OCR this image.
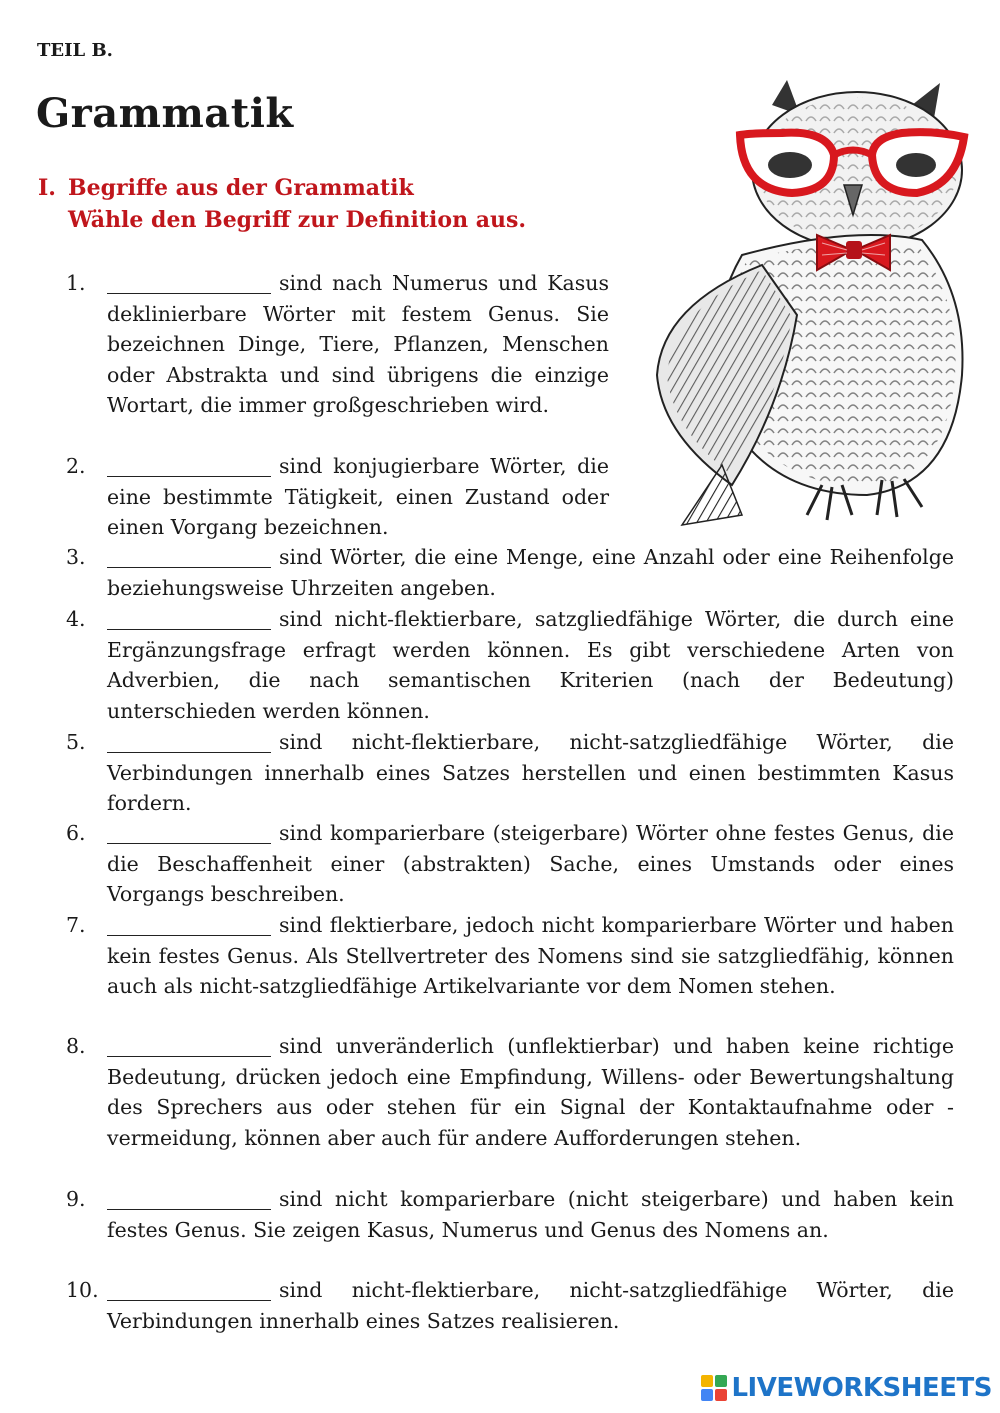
TEIL B.
Grammatik
I. Begriffe aus der Grammatik
Wähle den Begriff zur Definition aus.
1.	sind nach Numerus und Kasus deklinierbare Wörter mit festem Genus. Sie bezeichnen Dinge, Tiere, Pflanzen, Menschen oder Abstrakta und sind übrigens die einzige Wortart, die immer großgeschrieben wird.
2.	sind konjugierbare Wörter, die eine bestimmte Tätigkeit, einen Zustand oder einen Vorgang bezeichnen.
3.	sind Wörter, die eine Menge, eine Anzahl oder eine Reihenfolge beziehungsweise Uhrzeiten angeben.
4.	sind nicht-flektierbare, satzgliedfähige Wörter, die durch eine Ergänzungsfrage erfragt werden können. Es gibt verschiedene Arten von Adverbien, die nach semantischen Kriterien (nach der Bedeutung) unterschieden werden können.
5.	sind nicht-flektierbare, nicht-satzgliedfähige Wörter, die Verbindungen innerhalb eines Satzes herstellen und einen bestimmten Kasus fordern.
6.	sind komparierbare (steigerbare) Wörter ohne festes Genus, die die Beschaffenheit einer (abstrakten) Sache, eines Umstands oder eines Vorgangs beschreiben.
7.	sind flektierbare, jedoch nicht komparierbare Wörter und haben kein festes Genus. Als Stellvertreter des Nomens sind sie satzgliedfähig, können auch als nicht-satzgliedfähige Artikelvariante vor dem Nomen stehen.
8.	sind unveränderlich (unflektierbar) und haben keine richtige Bedeutung, drücken jedoch eine Empfindung, Willens- oder Bewertungshaltung des Sprechers aus oder stehen für ein Signal der Kontaktaufnahme oder -vermeidung, können aber auch für andere Aufforderungen stehen.
9.	sind nicht komparierbare (nicht steigerbare) und haben kein festes Genus. Sie zeigen Kasus, Numerus und Genus des Nomens an.
10.	sind nicht-flektierbare, nicht-satzgliedfähige Wörter, die Verbindungen innerhalb eines Satzes realisieren.
LIVEWORKSHEETS
